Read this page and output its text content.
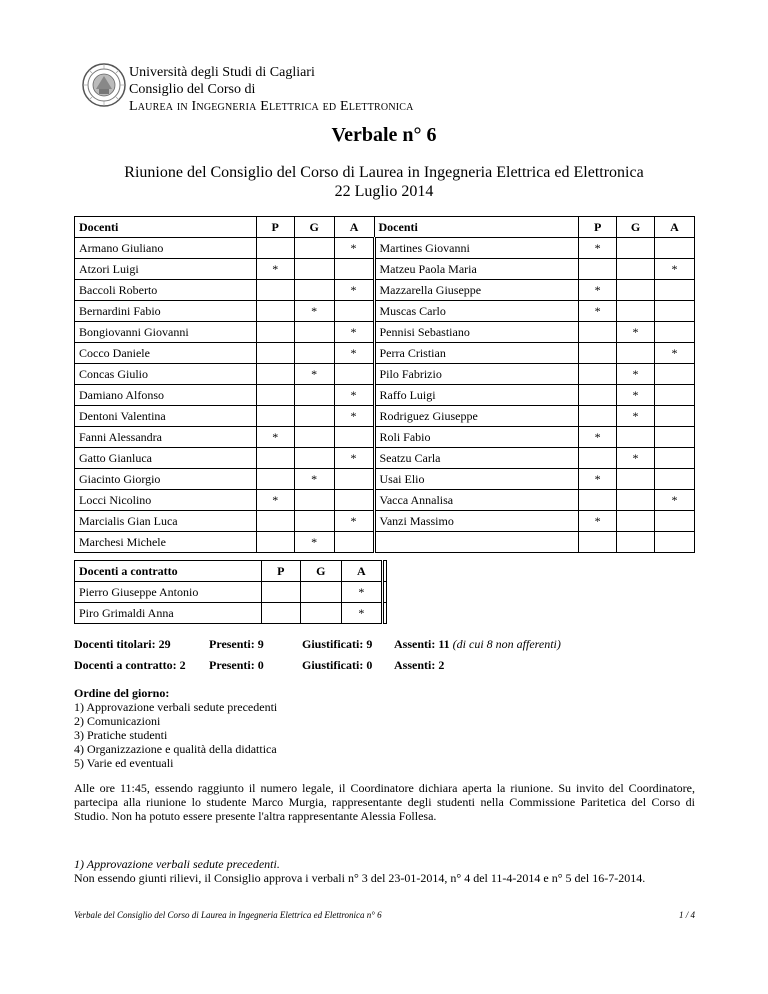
Università degli Studi di Cagliari
Consiglio del Corso di
Laurea in Ingegneria Elettrica ed Elettronica
Verbale n° 6
Riunione del Consiglio del Corso di Laurea in Ingegneria Elettrica ed Elettronica
22 Luglio 2014
Docenti	P	G	A	Docenti	P	G	A
Armano Giuliano			*	Martines Giovanni	*		
Atzori Luigi	*			Matzeu Paola Maria			*
Baccoli Roberto			*	Mazzarella Giuseppe	*		
Bernardini Fabio		*		Muscas Carlo	*		
Bongiovanni Giovanni			*	Pennisi Sebastiano		*	
Cocco Daniele			*	Perra Cristian			*
Concas Giulio		*		Pilo Fabrizio		*	
Damiano Alfonso			*	Raffo Luigi		*	
Dentoni Valentina			*	Rodriguez Giuseppe		*	
Fanni Alessandra	*			Roli Fabio	*		
Gatto Gianluca			*	Seatzu Carla		*	
Giacinto Giorgio		*		Usai Elio	*		
Locci Nicolino	*			Vacca Annalisa			*
Marcialis Gian Luca			*	Vanzi Massimo	*		
Marchesi Michele		*					
Docenti a contratto	P	G	A	
Pierro Giuseppe Antonio			*	
Piro Grimaldi Anna			*	
Docenti titolari: 29	Presenti: 9	Giustificati: 9 Assenti: 11 (di cui 8 non afferenti)
Docenti a contratto: 2 Presenti: 0	Giustificati: 0 Assenti: 2
Ordine del giorno:
1) Approvazione verbali sedute precedenti
2) Comunicazioni
3) Pratiche studenti
4) Organizzazione e qualità della didattica
5) Varie ed eventuali
Alle ore 11:45, essendo raggiunto il numero legale, il Coordinatore dichiara aperta la riunione. Su invito del Coordinatore, partecipa alla riunione lo studente Marco Murgia, rappresentante degli studenti nella Commissione Paritetica del Corso di Studio. Non ha potuto essere presente l'altra rappresentante Alessia Follesa.
1) Approvazione verbali sedute precedenti.
Non essendo giunti rilievi, il Consiglio approva i verbali n° 3 del 23-01-2014, n° 4 del 11-4-2014 e n° 5 del 16-7-2014.
Verbale del Consiglio del Corso di Laurea in Ingegneria Elettrica ed Elettronica n° 6	1 / 4
